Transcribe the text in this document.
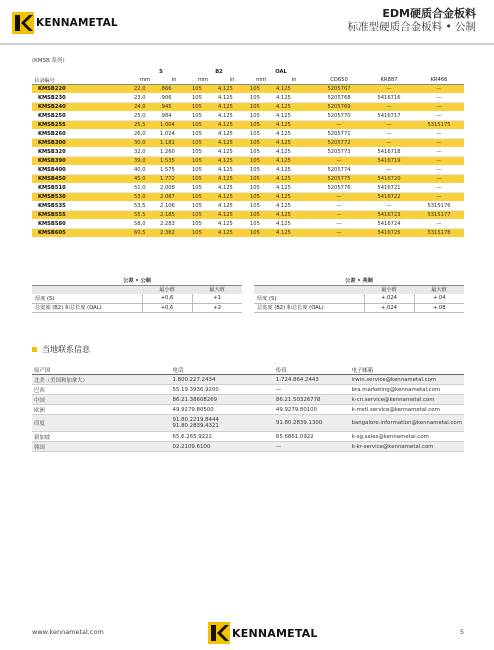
KENNAMETAL
EDM硬质合金板料
标准型硬质合金板料 • 公制
(KMSB 系列)
	S		B2		OAL				
目录编号	mm	in	mm	in	mm	in	CD650	KR887	KR466
KMSB220	22,0	.866	105	4.125	105	4.125	5205767	—	—
KMSB230	23,0	.906	105	4.125	105	4.125	5205768	5416716	—
KMSB240	24,0	.945	105	4.125	105	4.125	5205769	—	—
KMSB250	25,0	.984	105	4.125	105	4.125	5205770	5416717	—
KMSB255	25,5	1.004	105	4.125	105	4.125	—	—	5315175
KMSB260	26,0	1.024	105	4.125	105	4.125	5205771	—	—
KMSB300	30,0	1.181	105	4.125	105	4.125	5205772	—	—
KMSB320	32,0	1.260	105	4.125	105	4.125	5205773	5416718	—
KMSB390	39,0	1.535	105	4.125	105	4.125	—	5416719	—
KMSB400	40,0	1.575	105	4.125	105	4.125	5205774	—	—
KMSB450	45,0	1.772	105	4.125	105	4.125	5205775	5416720	—
KMSB510	51,0	2.008	105	4.125	105	4.125	5205776	5416721	—
KMSB530	53,0	2.087	105	4.125	105	4.125	—	5416722	—
KMSB535	53,5	2.106	105	4.125	105	4.125	—	—	5315176
KMSB555	55,5	2.185	105	4.125	105	4.125	—	5416723	5315177
KMSB580	58,0	2.283	105	4.125	105	4.125	—	5416724	—
KMSB605	60,5	2.382	105	4.125	105	4.125	—	5416725	5315178
公差 • 公制		
	最小值	最大值
厚度 (S)	+0,6	+1
总宽度 (B2) 和总长度 (OAL)	+0,6	+2
公差 • 英制		
	最小值	最大值
厚度 (S)	+.024	+.04
总宽度 (B2) 和总长度 (OAL)	+.024	+.08
当地联系信息
原产国	电话	传真	电子邮箱
北美（美国和加拿大）	1.800.227.2434	1.724.864.2443	irwin.service@kennametal.com
巴西	55.19.3936.9200	—	bra.marketing@kennametal.com
中国	86.21.38608269	86.21.50326778	k-cn.service@kennametal.com
欧洲	49.9279.80500	49.9279.80100	k-mstl.service@kennametal.com
印度	91.80.2219.8444
91.80.2839.4321	91.80.2839.1300	bangalore.information@kennametal.com
新加坡	65.6.265.9222	65.6861.0922	k-sg.sales@kennametal.com
韩国	02.2109.6100	—	k-kr-service@kennametal.com
www.kennametal.com	KENNAMETAL	5
